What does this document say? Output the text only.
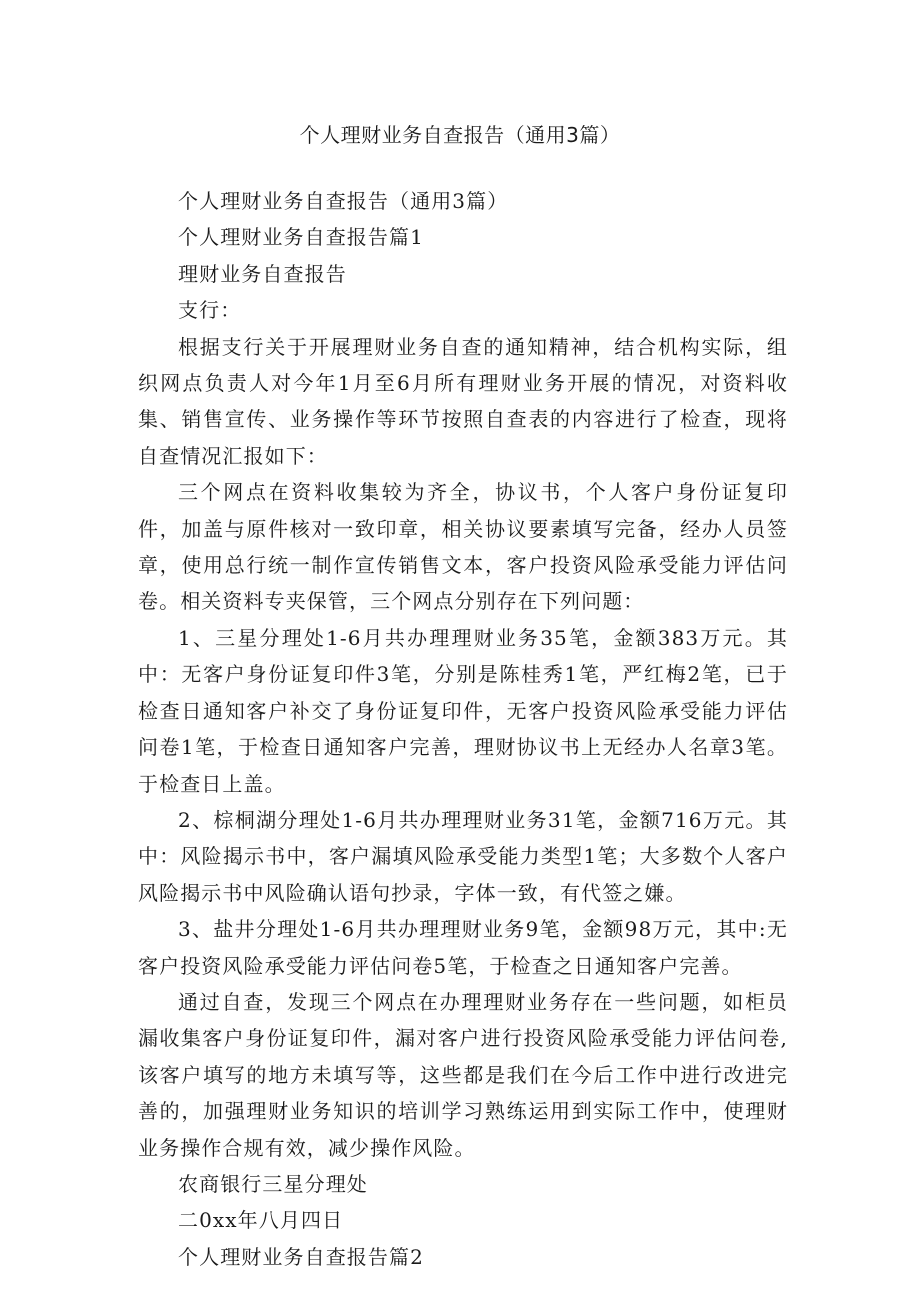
个人理财业务自查报告（通用3篇）

个人理财业务自查报告（通用3篇）

个人理财业务自查报告篇1

理财业务自查报告

支行：

根据支行关于开展理财业务自查的通知精神，结合机构实际，组织网点负责人对今年1月至6月所有理财业务开展的情况，对资料收集、销售宣传、业务操作等环节按照自查表的内容进行了检查，现将自查情况汇报如下：

三个网点在资料收集较为齐全，协议书，个人客户身份证复印件，加盖与原件核对一致印章，相关协议要素填写完备，经办人员签章，使用总行统一制作宣传销售文本，客户投资风险承受能力评估问卷。相关资料专夹保管，三个网点分别存在下列问题：

1、三星分理处1-6月共办理理财业务35笔，金额383万元。其中：无客户身份证复印件3笔，分别是陈桂秀1笔，严红梅2笔，已于检查日通知客户补交了身份证复印件，无客户投资风险承受能力评估问卷1笔，于检查日通知客户完善，理财协议书上无经办人名章3笔。于检查日上盖。

2、棕桐湖分理处1-6月共办理理财业务31笔，金额716万元。其中：风险揭示书中，客户漏填风险承受能力类型1笔；大多数个人客户风险揭示书中风险确认语句抄录，字体一致，有代签之嫌。

3、盐井分理处1-6月共办理理财业务9笔，金额98万元，其中:无客户投资风险承受能力评估问卷5笔，于检查之日通知客户完善。

通过自查，发现三个网点在办理理财业务存在一些问题，如柜员漏收集客户身份证复印件，漏对客户进行投资风险承受能力评估问卷,该客户填写的地方未填写等，这些都是我们在今后工作中进行改进完善的，加强理财业务知识的培训学习熟练运用到实际工作中，使理财业务操作合规有效，减少操作风险。

农商银行三星分理处

二0xx年八月四日

个人理财业务自查报告篇2
